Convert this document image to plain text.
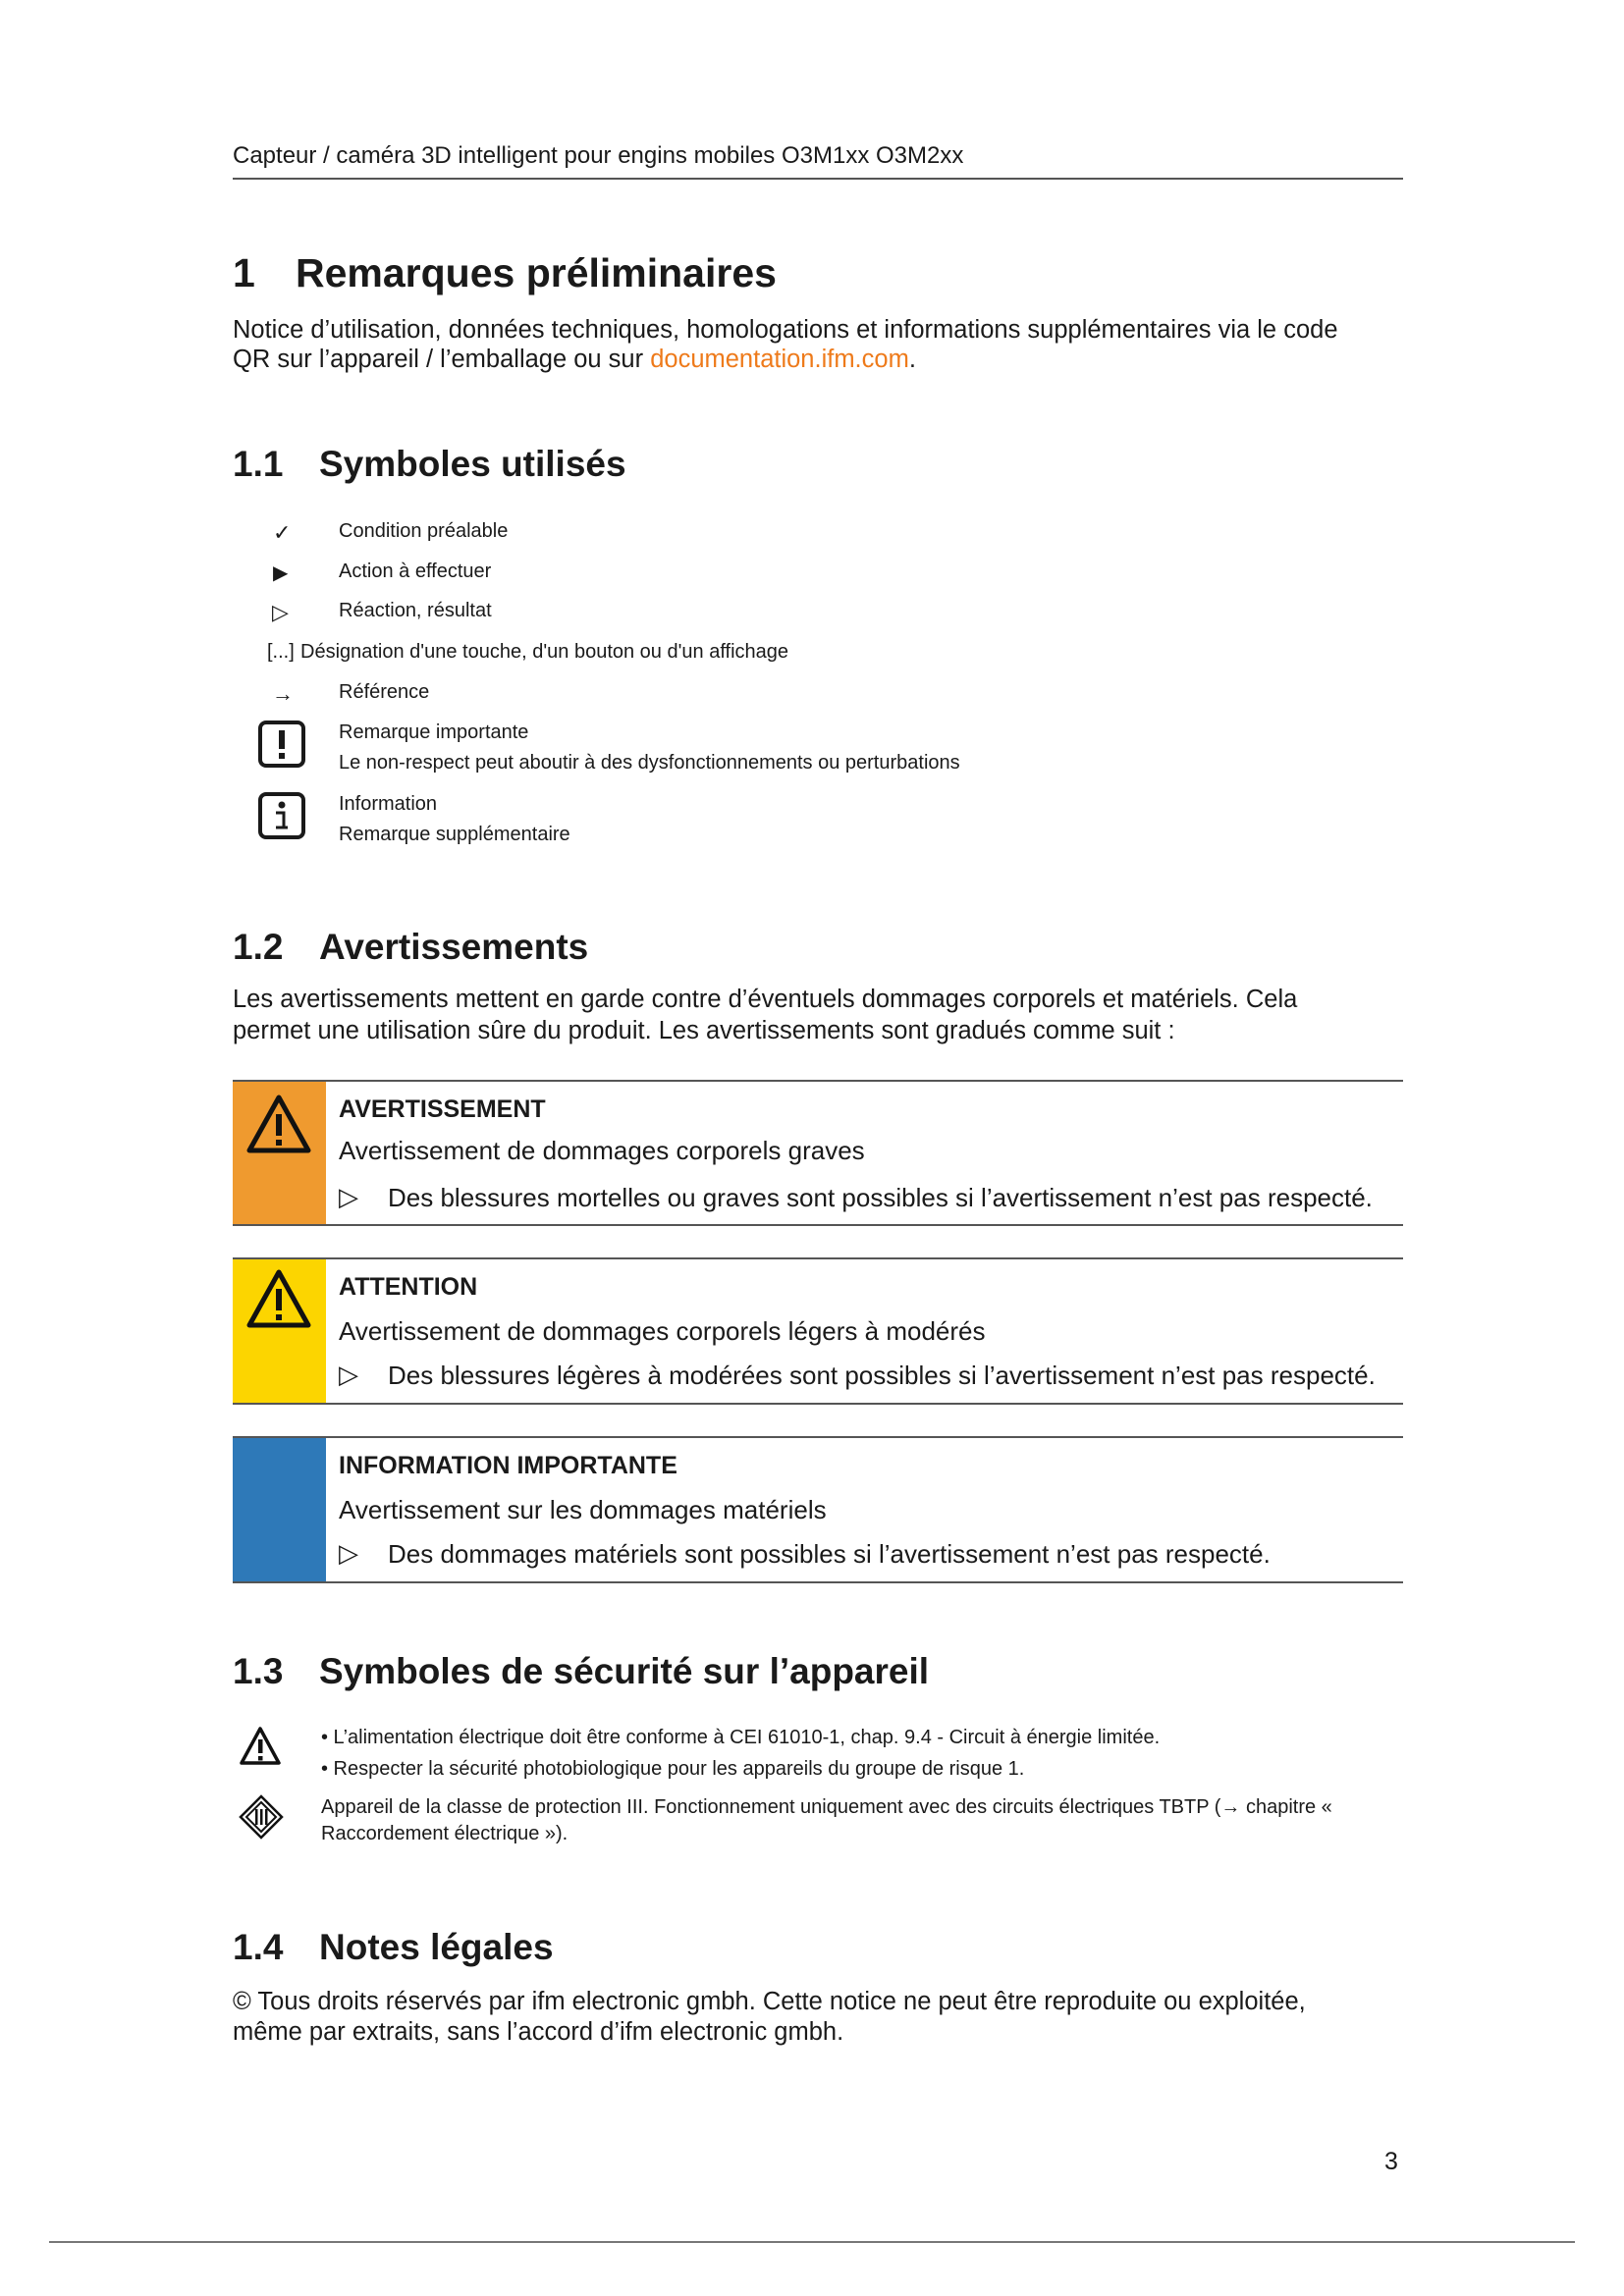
Capteur / caméra 3D intelligent pour engins mobiles O3M1xx O3M2xx
1 Remarques préliminaires
Notice d’utilisation, données techniques, homologations et informations supplémentaires via le code
QR sur l’appareil / l’emballage ou sur documentation.ifm.com.
1.1 Symboles utilisés
✓ Condition préalable
▶	Action à effectuer
▷	Réaction, résultat
[...] Désignation d'une touche, d'un bouton ou d'un affichage
→ Référence
Remarque importante
Le non-respect peut aboutir à des dysfonctionnements ou perturbations
Information
Remarque supplémentaire
1.2 Avertissements
Les avertissements mettent en garde contre d’éventuels dommages corporels et matériels. Cela
permet une utilisation sûre du produit. Les avertissements sont gradués comme suit :
AVERTISSEMENT
Avertissement de dommages corporels graves
▷ Des blessures mortelles ou graves sont possibles si l’avertissement n’est pas respecté.
ATTENTION
Avertissement de dommages corporels légers à modérés
▷ Des blessures légères à modérées sont possibles si l’avertissement n’est pas respecté.
INFORMATION IMPORTANTE
Avertissement sur les dommages matériels
▷ Des dommages matériels sont possibles si l’avertissement n’est pas respecté.
1.3 Symboles de sécurité sur l’appareil
• L’alimentation électrique doit être conforme à CEI 61010-1, chap. 9.4 - Circuit à énergie limitée.
• Respecter la sécurité photobiologique pour les appareils du groupe de risque 1.
Appareil de la classe de protection III. Fonctionnement uniquement avec des circuits électriques TBTP (→ chapitre «
Raccordement électrique »).
1.4 Notes légales
© Tous droits réservés par ifm electronic gmbh. Cette notice ne peut être reproduite ou exploitée,
même par extraits, sans l’accord d’ifm electronic gmbh.
3
